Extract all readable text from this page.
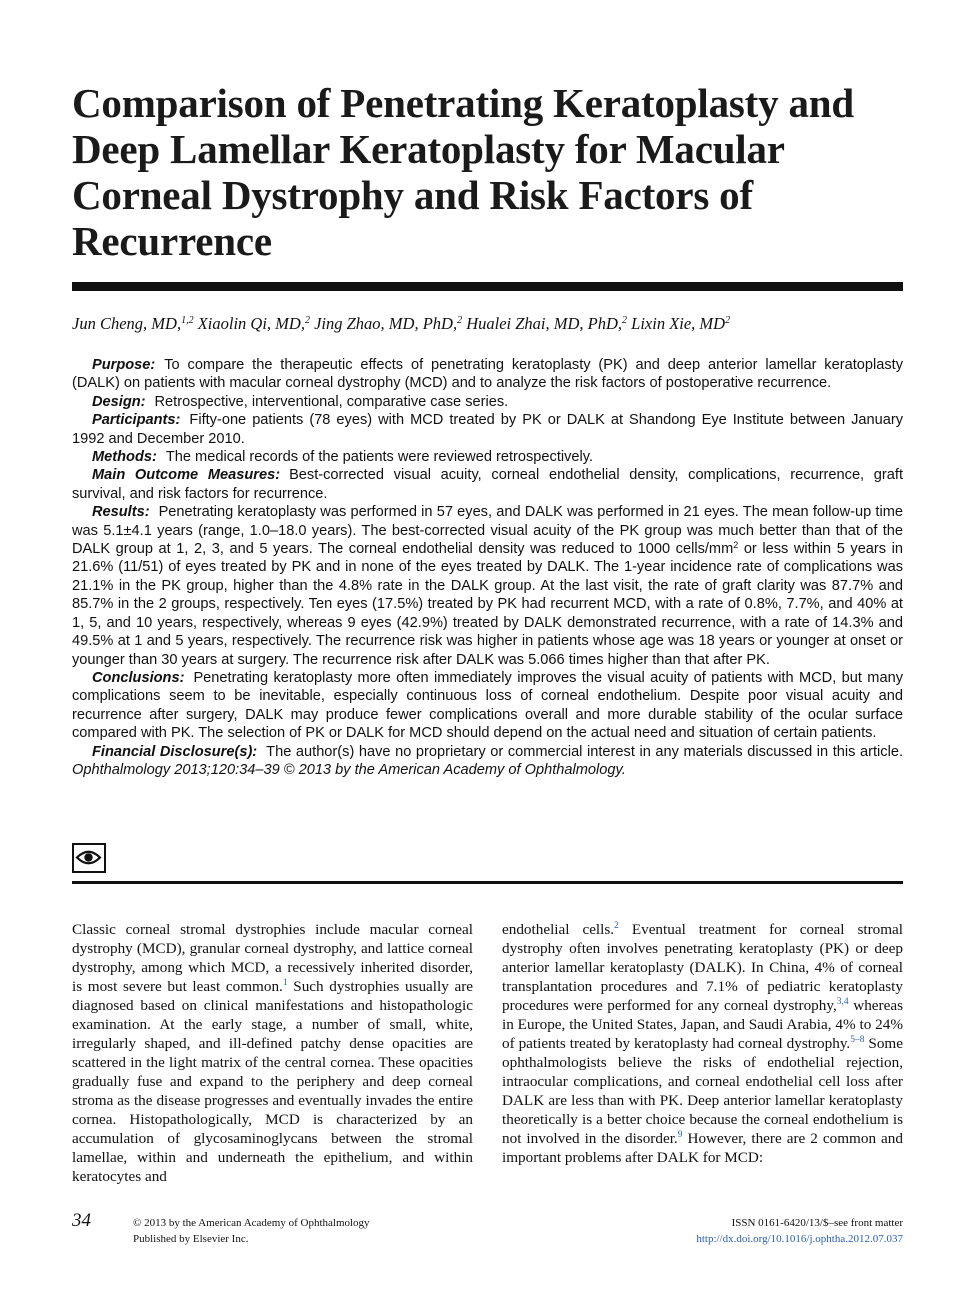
Comparison of Penetrating Keratoplasty and Deep Lamellar Keratoplasty for Macular Corneal Dystrophy and Risk Factors of Recurrence
Jun Cheng, MD,$^{1,2}$ Xiaolin Qi, MD,$^2$ Jing Zhao, MD, PhD,$^2$ Hualei Zhai, MD, PhD,$^2$ Lixin Xie, $MD^2$

Purpose: To compare the therapeutic effects of penetrating keratoplasty (PK) and deep anterior lamellar keratoplasty (DALK) on patients with macular corneal dystrophy (MCD) and to analyze the risk factors of postoperative recurrence.

Design: Retrospective, interventional, comparative case series.

Participants: Fifty-one patients (78 eyes) with MCD treated by PK or DALK at Shandong Eye Institute between January 1992 and December 2010.

Methods: The medical records of the patients were reviewed retrospectively.

Main Outcome Measures: Best-corrected visual acuity, corneal endothelial density, complications, recurrence, graft survival, and risk factors for recurrence.

Results: Penetrating keratoplasty was performed in 57 eyes, and DALK was performed in 21 eyes. The mean follow-up time was 5.1±4.1 years (range, 1.0–18.0 years). The best-corrected visual acuity of the PK group was much better than that of the DALK group at 1, 2, 3, and 5 years. The corneal endothelial density was reduced to 1000 cells/$mm^2$ or less within 5 years in 21.6% (11/51) of eyes treated by PK and in none of the eyes treated by DALK. The 1-year incidence rate of complications was 21.1% in the PK group, higher than the 4.8% rate in the DALK group. At the last visit, the rate of graft clarity was 87.7% and 85.7% in the 2 groups, respectively. Ten eyes (17.5%) treated by PK had recurrent MCD, with a rate of 0.8%, 7.7%, and 40% at 1, 5, and 10 years, respectively, whereas 9 eyes (42.9%) treated by DALK demonstrated recurrence, with a rate of 14.3% and 49.5% at 1 and 5 years, respectively. The recurrence risk was higher in patients whose age was 18 years or younger at onset or younger than 30 years at surgery. The recurrence risk after DALK was 5.066 times higher than that after PK.

Conclusions: Penetrating keratoplasty more often immediately improves the visual acuity of patients with MCD, but many complications seem to be inevitable, especially continuous loss of corneal endothelium. Despite poor visual acuity and recurrence after surgery, DALK may produce fewer complications overall and more durable stability of the ocular surface compared with PK. The selection of PK or DALK for MCD should depend on the actual need and situation of certain patients.

Financial Disclosure(s): The author(s) have no proprietary or commercial interest in any materials discussed in this article. Ophthalmology 2013;120:34–39 © 2013 by the American Academy of Ophthalmology.

Classic corneal stromal dystrophies include macular corneal dystrophy (MCD), granular corneal dystrophy, and lattice corneal dystrophy, among which MCD, a recessively inherited disorder, is most severe but least common.$^1$ Such dystrophies usually are diagnosed based on clinical manifestations and histopathologic examination. At the early stage, a number of small, white, irregularly shaped, and ill-defined patchy dense opacities are scattered in the light matrix of the central cornea. These opacities gradually fuse and expand to the periphery and deep corneal stroma as the disease progresses and eventually invades the entire cornea. Histopathologically, MCD is characterized by an accumulation of glycosaminoglycans between the stromal lamellae, within and underneath the epithelium, and within keratocytes and

endothelial cells.$^2$ Eventual treatment for corneal stromal dystrophy often involves penetrating keratoplasty (PK) or deep anterior lamellar keratoplasty (DALK). In China, 4% of corneal transplantation procedures and 7.1% of pediatric keratoplasty procedures were performed for any corneal dystrophy,$^{3,4}$ whereas in Europe, the United States, Japan, and Saudi Arabia, 4% to 24% of patients treated by keratoplasty had corneal dystrophy.$^{5-8}$ Some ophthalmologists believe the risks of endothelial rejection, intraocular complications, and corneal endothelial cell loss after DALK are less than with PK. Deep anterior lamellar keratoplasty theoretically is a better choice because the corneal endothelium is not involved in the disorder.$^9$ However, there are 2 common and important problems after DALK for MCD:

34	© 2013 by the American Academy of Ophthalmology
Published by Elsevier Inc.
ISSN 0161-6420/13/$–see front matter
http://dx.doi.org/10.1016/j.ophtha.2012.07.037
